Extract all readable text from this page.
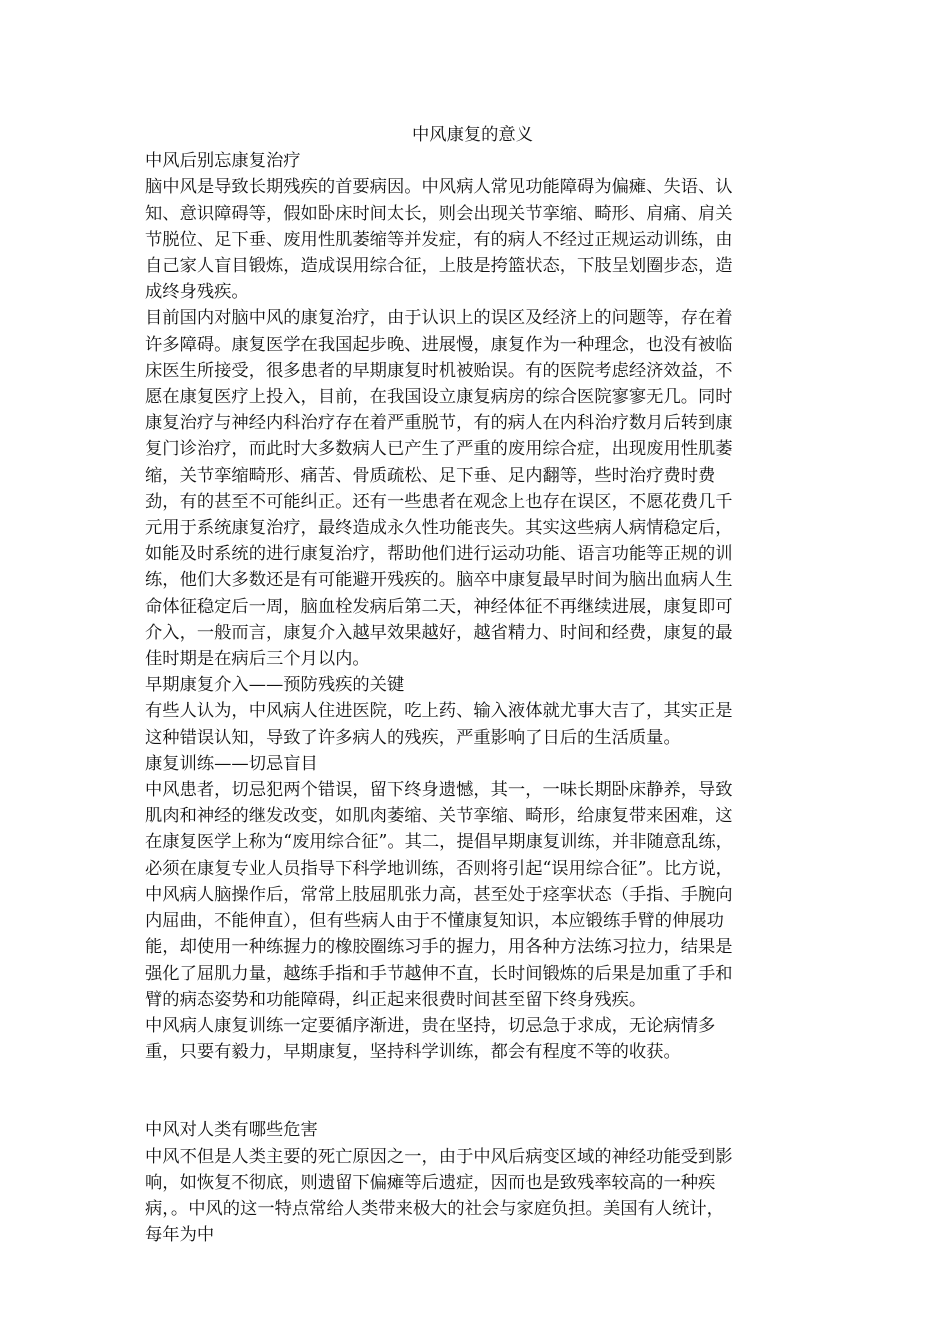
中风康复的意义

中风后别忘康复治疗

脑中风是导致长期残疾的首要病因。中风病人常见功能障碍为偏瘫、失语、认

知、意识障碍等，假如卧床时间太长，则会出现关节挛缩、畸形、肩痛、肩关

节脱位、足下垂、废用性肌萎缩等并发症，有的病人不经过正规运动训练，由

自己家人盲目锻炼，造成误用综合征，上肢是挎篮状态，下肢呈划圈步态，造

成终身残疾。

目前国内对脑中风的康复治疗，由于认识上的误区及经济上的问题等，存在着

许多障碍。康复医学在我国起步晚、进展慢，康复作为一种理念，也没有被临

床医生所接受，很多患者的早期康复时机被贻误。有的医院考虑经济效益，不

愿在康复医疗上投入，目前，在我国设立康复病房的综合医院寥寥无几。同时

康复治疗与神经内科治疗存在着严重脱节，有的病人在内科治疗数月后转到康

复门诊治疗，而此时大多数病人已产生了严重的废用综合症，出现废用性肌萎

缩，关节挛缩畸形、痛苦、骨质疏松、足下垂、足内翻等，些时治疗费时费

劲，有的甚至不可能纠正。还有一些患者在观念上也存在误区，不愿花费几千

元用于系统康复治疗，最终造成永久性功能丧失。其实这些病人病情稳定后，

如能及时系统的进行康复治疗，帮助他们进行运动功能、语言功能等正规的训

练，他们大多数还是有可能避开残疾的。脑卒中康复最早时间为脑出血病人生

命体征稳定后一周，脑血栓发病后第二天，神经体征不再继续进展，康复即可

介入，一般而言，康复介入越早效果越好，越省精力、时间和经费，康复的最

佳时期是在病后三个月以内。

早期康复介入——预防残疾的关键

有些人认为，中风病人住进医院，吃上药、输入液体就尤事大吉了，其实正是

这种错误认知，导致了许多病人的残疾，严重影响了日后的生活质量。

康复训练——切忌盲目

中风患者，切忌犯两个错误，留下终身遗憾，其一，一味长期卧床静养，导致

肌肉和神经的继发改变，如肌肉萎缩、关节挛缩、畸形，给康复带来困难，这

在康复医学上称为“废用综合征”。其二，提倡早期康复训练，并非随意乱练，

必须在康复专业人员指导下科学地训练，否则将引起“误用综合征”。比方说，

中风病人脑操作后，常常上肢屈肌张力高，甚至处于痉挛状态（手指、手腕向

内屈曲，不能伸直），但有些病人由于不懂康复知识，本应锻练手臂的伸展功

能，却使用一种练握力的橡胶圈练习手的握力，用各种方法练习拉力，结果是

强化了屈肌力量，越练手指和手节越伸不直，长时间锻炼的后果是加重了手和

臂的病态姿势和功能障碍，纠正起来很费时间甚至留下终身残疾。

中风病人康复训练一定要循序渐进，贵在坚持，切忌急于求成，无论病情多

重，只要有毅力，早期康复，坚持科学训练，都会有程度不等的收获。

中风对人类有哪些危害

中风不但是人类主要的死亡原因之一，由于中风后病变区域的神经功能受到影

响，如恢复不彻底，则遗留下偏瘫等后遗症，因而也是致残率较高的一种疾

病，。中风的这一特点常给人类带来极大的社会与家庭负担。美国有人统计，

每年为中
